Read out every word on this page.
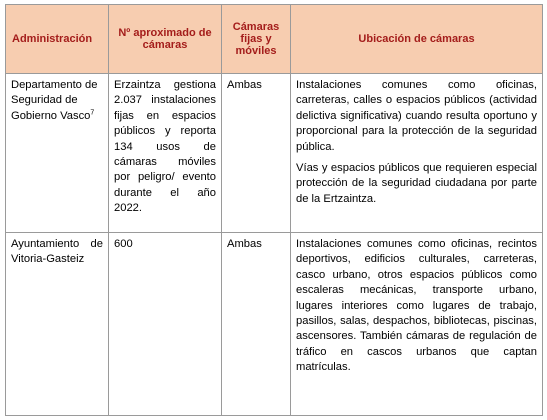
Administración	Nº aproximado de cámaras	Cámaras fijas y móviles	Ubicación de cámaras
Departamento de Seguridad de Gobierno Vasco$^7$	Erzaintza gestiona 2.037 instalaciones fijas en espacios públicos y reporta 134 usos de cámaras móviles por peligro/ evento durante el año 2022.	Ambas	Instalaciones comunes como oficinas, carreteras, calles o espacios públicos (actividad delictiva significativa) cuando resulta oportuno y proporcional para la protección de la seguridad pública.

Vías y espacios públicos que requieren especial protección de la seguridad ciudadana por parte de la Ertzaintza.

Ayuntamiento de Vitoria-Gasteiz	600	Ambas	Instalaciones comunes como oficinas, recintos deportivos, edificios culturales, carreteras, casco urbano, otros espacios públicos como escaleras mecánicas, transporte urbano, lugares interiores como lugares de trabajo, pasillos, salas, despachos, bibliotecas, piscinas, ascensores. También cámaras de regulación de tráfico en cascos urbanos que captan matrículas.
